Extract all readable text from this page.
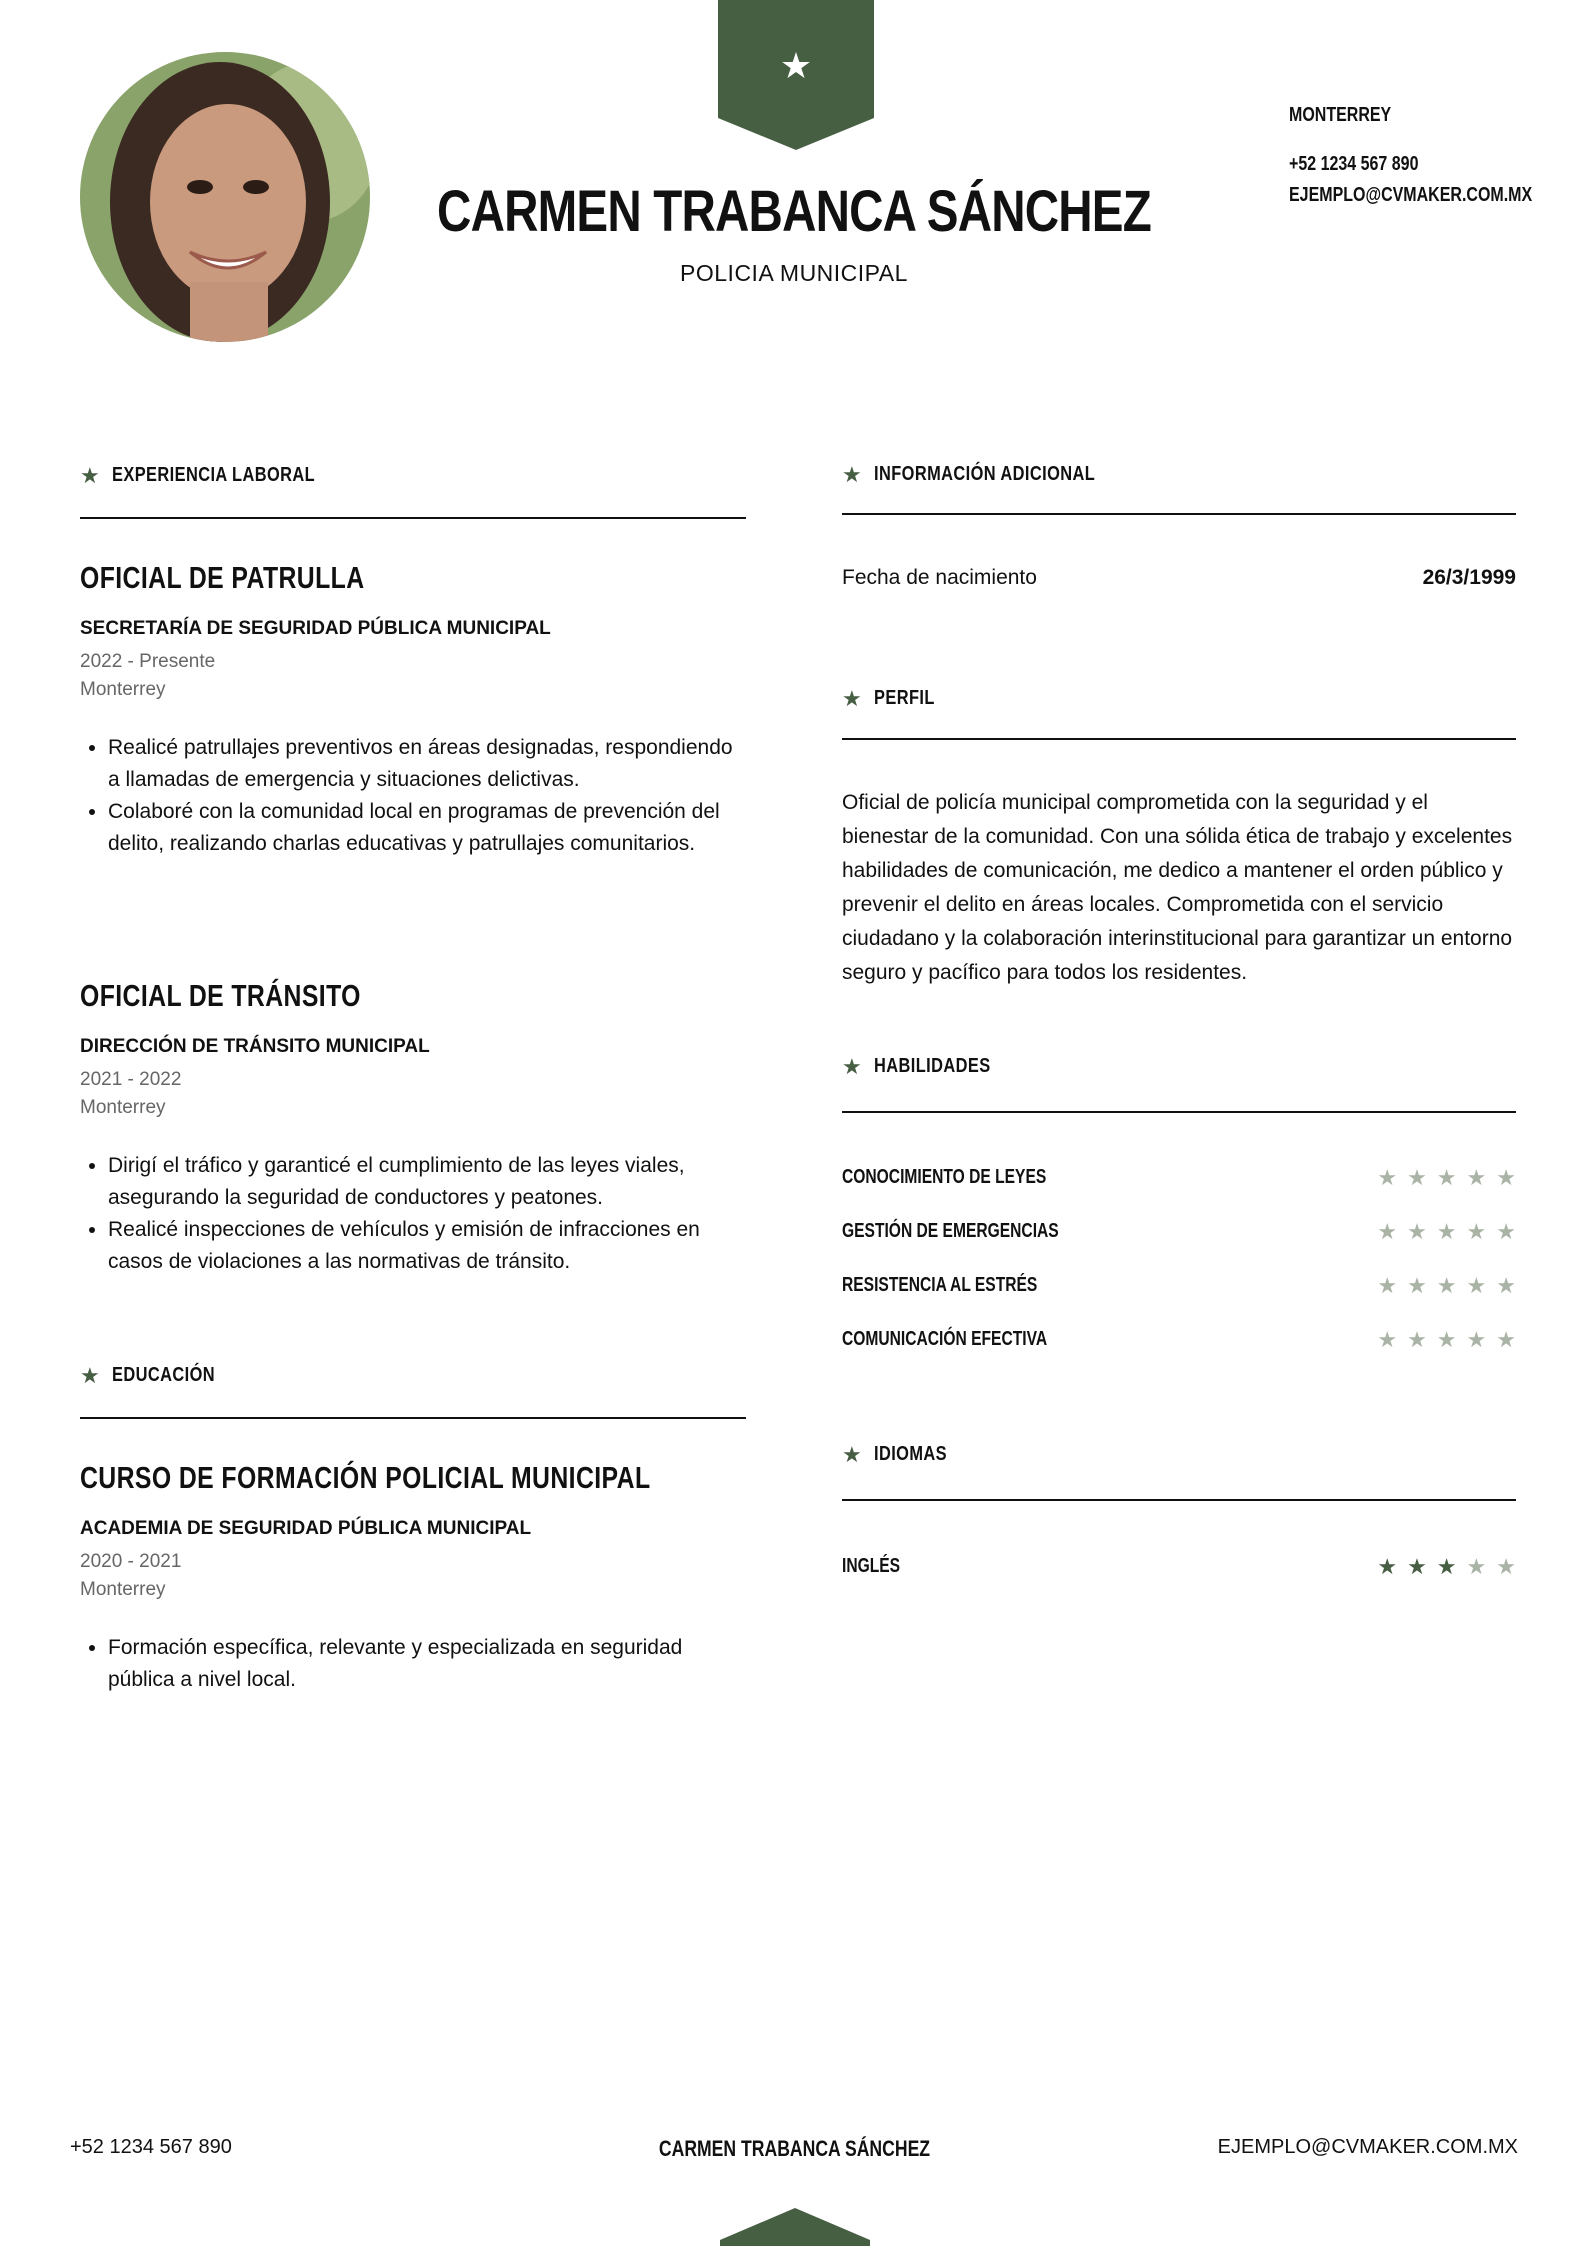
★
CARMEN TRABANCA SÁNCHEZ
POLICIA MUNICIPAL
MONTERREY
+52 1234 567 890
EJEMPLO@CVMAKER.COM.MX
★ EXPERIENCIA LABORAL
OFICIAL DE PATRULLA
SECRETARÍA DE SEGURIDAD PÚBLICA MUNICIPAL
2022 - Presente
Monterrey
• Realicé patrullajes preventivos en áreas designadas, respondiendo a llamadas de emergencia y situaciones delictivas.
• Colaboré con la comunidad local en programas de prevención del delito, realizando charlas educativas y patrullajes comunitarios.
OFICIAL DE TRÁNSITO
DIRECCIÓN DE TRÁNSITO MUNICIPAL
2021 - 2022
Monterrey
• Dirigí el tráfico y garanticé el cumplimiento de las leyes viales, asegurando la seguridad de conductores y peatones.
• Realicé inspecciones de vehículos y emisión de infracciones en casos de violaciones a las normativas de tránsito.
★ EDUCACIÓN
CURSO DE FORMACIÓN POLICIAL MUNICIPAL
ACADEMIA DE SEGURIDAD PÚBLICA MUNICIPAL
2020 - 2021
Monterrey
• Formación específica, relevante y especializada en seguridad pública a nivel local.
★ INFORMACIÓN ADICIONAL
Fecha de nacimiento	26/3/1999
★ PERFIL

Oficial de policía municipal comprometida con la seguridad y el bienestar de la comunidad. Con una sólida ética de trabajo y excelentes habilidades de comunicación, me dedico a mantener el orden público y prevenir el delito en áreas locales. Comprometida con el servicio ciudadano y la colaboración interinstitucional para garantizar un entorno seguro y pacífico para todos los residentes.

★ HABILIDADES
CONOCIMIENTO DE LEYES	★ ★ ★ ★ ★
GESTIÓN DE EMERGENCIAS	★ ★ ★ ★ ★
RESISTENCIA AL ESTRÉS	★ ★ ★ ★ ★
COMUNICACIÓN EFECTIVA	★ ★ ★ ★ ★
★ IDIOMAS
INGLÉS	★ ★ ★ ★ ★
+52 1234 567 890	CARMEN TRABANCA SÁNCHEZ	EJEMPLO@CVMAKER.COM.MX
